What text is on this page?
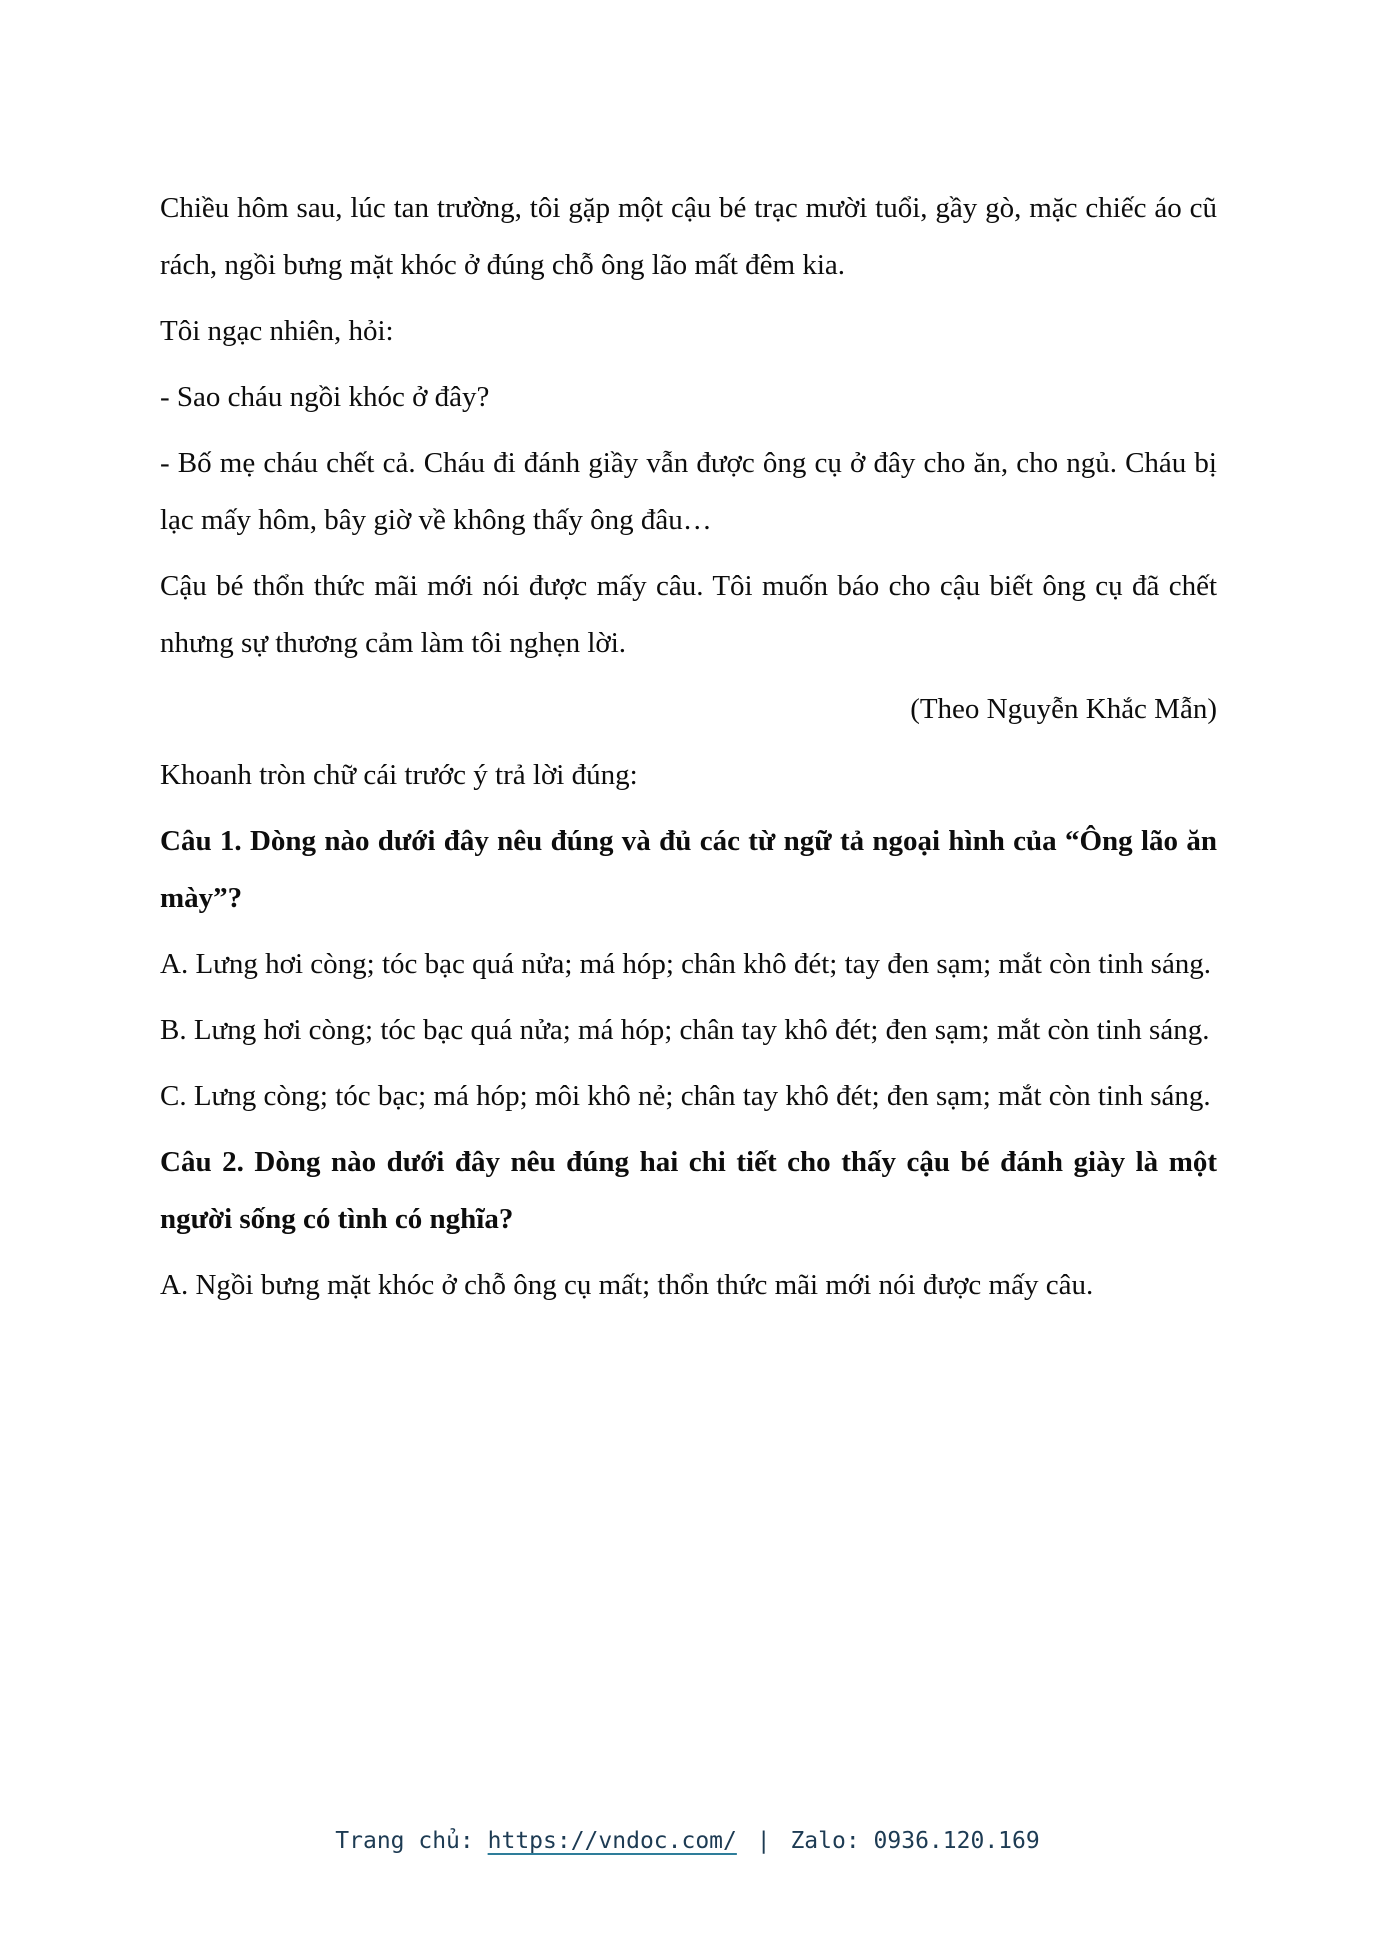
Chiều hôm sau, lúc tan trường, tôi gặp một cậu bé trạc mười tuổi, gầy gò, mặc chiếc áo cũ rách, ngồi bưng mặt khóc ở đúng chỗ ông lão mất đêm kia.

Tôi ngạc nhiên, hỏi:

- Sao cháu ngồi khóc ở đây?

- Bố mẹ cháu chết cả. Cháu đi đánh giầy vẫn được ông cụ ở đây cho ăn, cho ngủ. Cháu bị lạc mấy hôm, bây giờ về không thấy ông đâu…

Cậu bé thổn thức mãi mới nói được mấy câu. Tôi muốn báo cho cậu biết ông cụ đã chết nhưng sự thương cảm làm tôi nghẹn lời.

(Theo Nguyễn Khắc Mẫn)

Khoanh tròn chữ cái trước ý trả lời đúng:

Câu 1. Dòng nào dưới đây nêu đúng và đủ các từ ngữ tả ngoại hình của “Ông lão ăn mày”?

A. Lưng hơi còng; tóc bạc quá nửa; má hóp; chân khô đét; tay đen sạm; mắt còn tinh sáng.

B. Lưng hơi còng; tóc bạc quá nửa; má hóp; chân tay khô đét; đen sạm; mắt còn tinh sáng.

C. Lưng còng; tóc bạc; má hóp; môi khô nẻ; chân tay khô đét; đen sạm; mắt còn tinh sáng.

Câu 2. Dòng nào dưới đây nêu đúng hai chi tiết cho thấy cậu bé đánh giày là một người sống có tình có nghĩa?

A. Ngồi bưng mặt khóc ở chỗ ông cụ mất; thổn thức mãi mới nói được mấy câu.

Trang chủ: https://vndoc.com/ | Zalo: 0936.120.169
